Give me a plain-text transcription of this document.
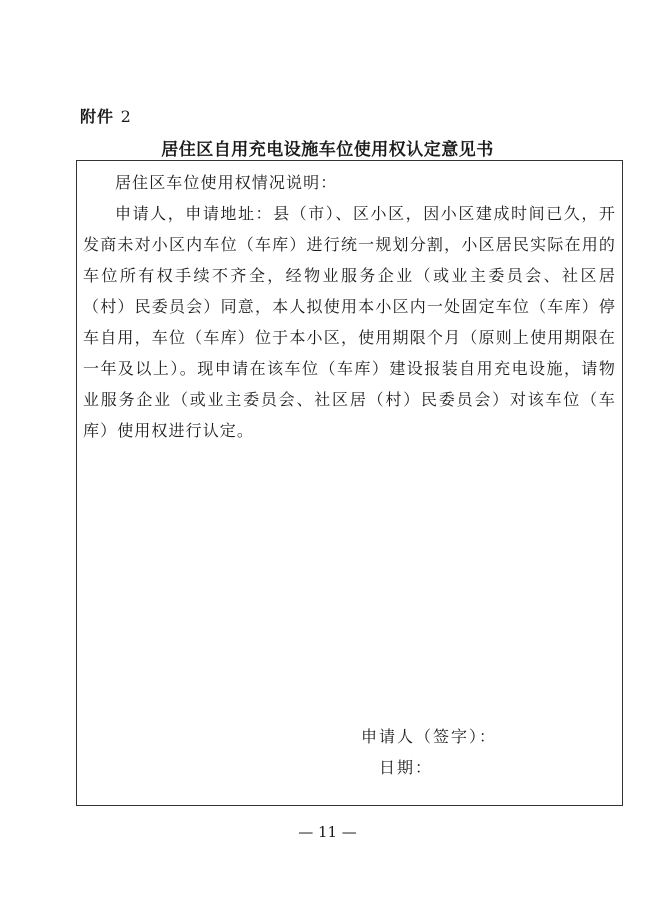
附件 2
居住区自用充电设施车位使用权认定意见书

居住区车位使用权情况说明：

申请人，申请地址：县（市）、区小区，因小区建成时间已久，开发商未对小区内车位（车库）进行统一规划分割，小区居民实际在用的车位所有权手续不齐全，经物业服务企业（或业主委员会、社区居（村）民委员会）同意，本人拟使用本小区内一处固定车位（车库）停车自用，车位（车库）位于本小区，使用期限个月（原则上使用期限在一年及以上）。现申请在该车位（车库）建设报装自用充电设施，请物业服务企业（或业主委员会、社区居（村）民委员会）对该车位（车库）使用权进行认定。

申请人（签字）：
日期：
— 11 —
